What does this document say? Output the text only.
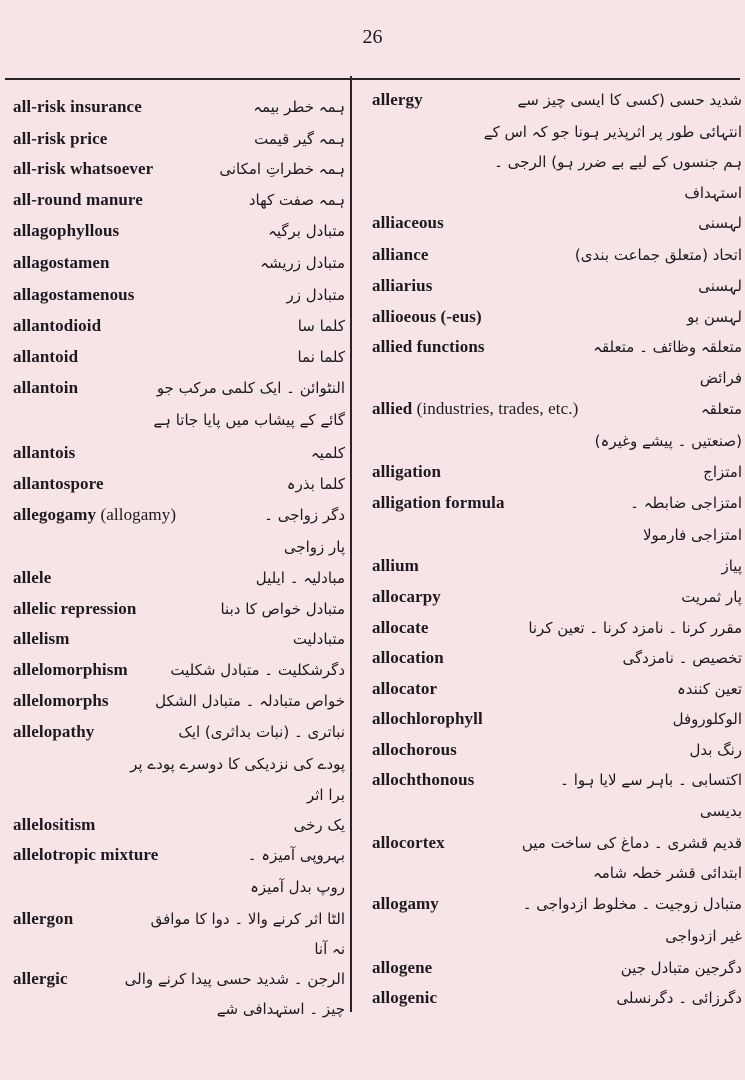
26
all-risk insurance	ہمہ خطر بیمہ
all-risk price	ہمہ گیر قیمت
all-risk whatsoever	ہمہ خطراتِ امکانی
all-round manure	ہمہ صفت کھاد
allagophyllous	متبادل برگیہ
allagostamen	متبادل زریشہ
allagostamenous	متبادل زر
allantodioid	کلما سا
allantoid	کلما نما
allantoin	النٹوائن ۔ ایک کلمی مرکب جو
گائے کے پیشاب میں پایا جاتا ہے
allantois	کلمیہ
allantospore	کلما بذرہ
allegogamy (allogamy)	دگر زواجی ۔
پار زواجی
allele	مبادلیہ ۔ ایلیل
allelic repression	متبادل خواص کا دبنا
allelism	متبادلیت
allelomorphism	دگرشکلیت ۔ متبادل شکلیت
allelomorphs	خواص متبادلہ ۔ متبادل الشکل
allelopathy	نباتری ۔ (نبات بداثری) ایک
پودے کی نزدیکی کا دوسرے پودے پر
برا اثر
allelositism	یک رخی
allelotropic mixture	بہروپی آمیزہ ۔
روپ بدل آمیزہ
allergon	الٹا اثر کرنے والا ۔ دوا کا موافق
نہ آنا
allergic	الرجن ۔ شدید حسی پیدا کرنے والی
چیز ۔ استہدافی شے
allergy	شدید حسی (کسی کا ایسی چیز سے
انتہائی طور پر اثرپذیر ہونا جو کہ اس کے
ہم جنسوں کے لیے بے ضرر ہو) الرجی ۔
استہداف
alliaceous	لہسنی
alliance	اتحاد (متعلق جماعت بندی)
alliarius	لہسنی
allioeous (-eus)	لہسن بو
allied functions	متعلقہ وظائف ۔ متعلقہ
فرائض
allied (industries, trades, etc.)	متعلقہ
(صنعتیں ۔ پیشے وغیرہ)
alligation	امتزاج
alligation formula	امتزاجی ضابطہ ۔
امتزاجی فارمولا
allium	پیاز
allocarpy	پار ثمریت
allocate	مقرر کرنا ۔ نامزد کرنا ۔ تعین کرنا
allocation	تخصیص ۔ نامزدگی
allocator	تعین کنندہ
allochlorophyll	الوکلوروفل
allochorous	رنگ بدل
allochthonous	اکتسابی ۔ باہر سے لایا ہوا ۔
بدیسی
allocortex	قدیم قشری ۔ دماغ کی ساخت میں
ابتدائی قشر خطہ شامہ
allogamy	متبادل زوجیت ۔ مخلوط ازدواجی ۔
غیر ازدواجی
allogene	دگرجین متبادل جین
allogenic	دگرزائی ۔ دگرنسلی
